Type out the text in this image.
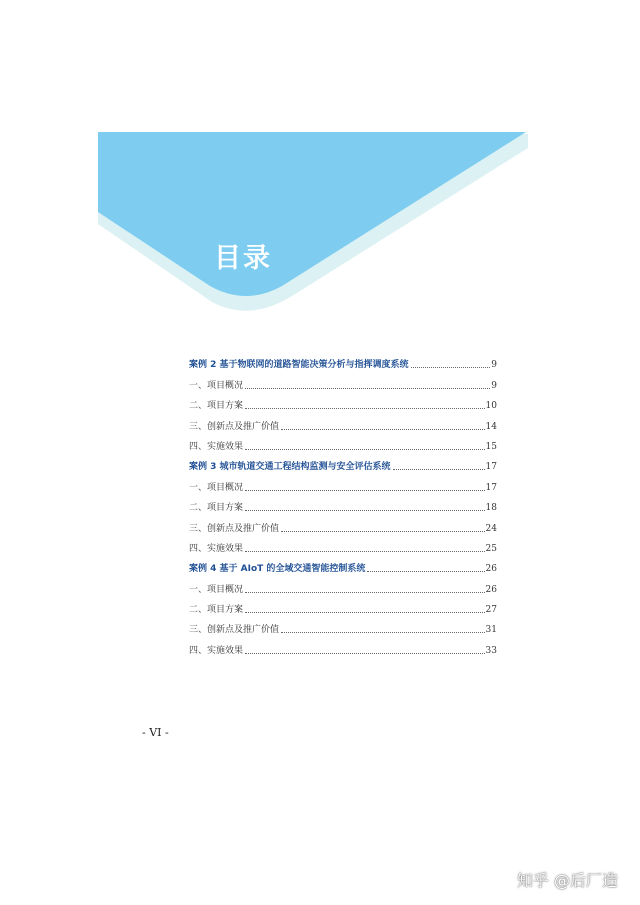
目录
案例 2 基于物联网的道路智能决策分析与指挥调度系统	9
一、项目概况	9
二、项目方案	10
三、创新点及推广价值	14
四、实施效果	15
案例 3 城市轨道交通工程结构监测与安全评估系统	17
一、项目概况	17
二、项目方案	18
三、创新点及推广价值	24
四、实施效果	25
案例 4 基于 AIoT 的全域交通智能控制系统	26
一、项目概况	26
二、项目方案	27
三、创新点及推广价值	31
四、实施效果	33
- VI -
知乎 @后厂造
